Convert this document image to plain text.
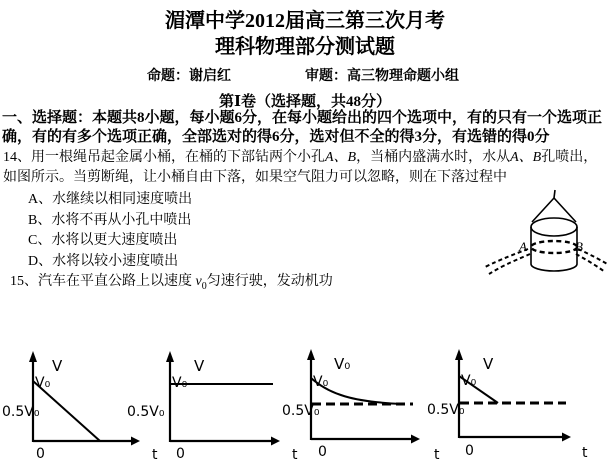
湄潭中学2012届高三第三次月考
理科物理部分测试题
命题：谢启红	审题：高三物理命题小组
第Ⅰ卷（选择题，共48分）

一、选择题：本题共8小题，每小题6分，在每小题给出的四个选项中，有的只有一个选项正确，有的有多个选项正确，全部选对的得6分，选对但不全的得3分，有选错的得0分

14、用一根绳吊起金属小桶，在桶的下部钻两个小孔A、B，当桶内盛满水时，水从A、B孔喷出，如图所示。当剪断绳，让小桶自由下落，如果空气阻力可以忽略，则在下落过程中

A、水继续以相同速度喷出
B、水将不再从小孔中喷出
C、水将以更大速度喷出
D、水将以较小速度喷出

15、汽车在平直公路上以速度 $v_0$匀速行驶，发动机功

A	B
V
V₀
0.5V₀
0	t
V
V₀
0.5V₀
0	t
V₀
V₀
0.5V₀
0	t
V
V₀
0.5V₀
0	t
